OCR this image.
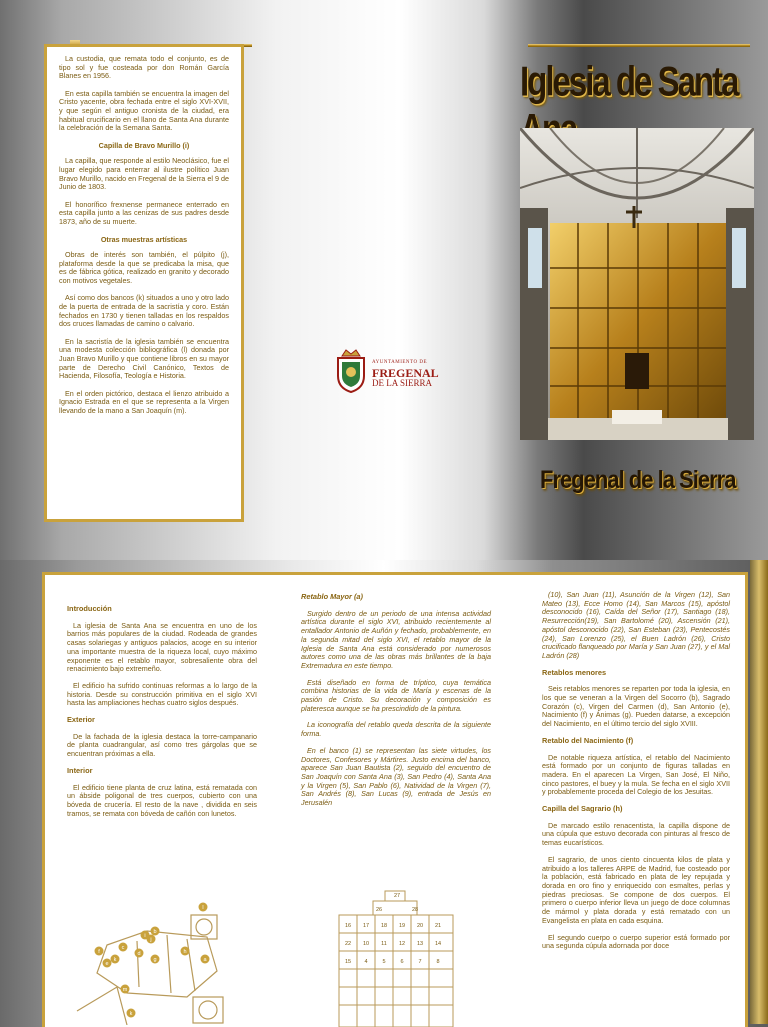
La custodia, que remata todo el conjunto, es de tipo sol y fue costeada por don Román García Blanes en 1956.

En esta capilla también se encuentra la imagen del Cristo yacente, obra fechada entre el siglo XVI-XVII, y que según el antiguo cronista de la ciudad, era habitual crucificario en el llano de Santa Ana durante la celebración de la Semana Santa.

Capilla de Bravo Murillo (i)

La capilla, que responde al estilo Neoclásico, fue el lugar elegido para enterrar al ilustre político Juan Bravo Murillo, nacido en Fregenal de la Sierra el 9 de Junio de 1803.

El honorífico frexnense permanece enterrado en esta capilla junto a las cenizas de sus padres desde 1873, año de su muerte.

Otras muestras artísticas

Obras de interés son también, el púlpito (j), plataforma desde la que se predicaba la misa, que es de fábrica gótica, realizado en granito y decorado con motivos vegetales.

Así como dos bancos (k) situados a uno y otro lado de la puerta de entrada de la sacristía y coro. Están fechados en 1730 y tienen talladas en los respaldos dos cruces llamadas de camino o calvario.

En la sacristía de la iglesia también se encuentra una modesta colección bibliográfica (l) donada por Juan Bravo Murillo y que contiene libros en su mayor parte de Derecho Civil Canónico, Textos de Hacienda, Filosofía, Teología e Historia.

En el orden pictórico, destaca el lienzo atribuido a Ignacio Estrada en el que se representa a la Virgen llevando de la mano a San Joaquín (m).

AYUNTAMIENTO DE
FREGENAL
DE LA SIERRA
Iglesia de Santa
Fregenal de la Sierra
Introducción

La iglesia de Santa Ana se encuentra en uno de los barrios más populares de la ciudad. Rodeada de grandes casas solariegas y antiguos palacios, acoge en su interior una importante muestra de la riqueza local, cuyo máximo exponente es el retablo mayor, sobresaliente obra del renacimiento bajo extremeño.

El edificio ha sufrido continuas reformas a lo largo de la historia. Desde su construcción primitiva en el siglo XVI hasta las ampliaciones hechas cuatro siglos después.

Exterior

De la fachada de la iglesia destaca la torre-campanario de planta cuadrangular, así como tres gárgolas que se encuentran próximas a ella.

Interior

El edificio tiene planta de cruz latina, está rematada con un ábside poligonal de tres cuerpos, cubierto con una bóveda de crucería. El resto de la nave , dividida en seis tramos, se remata con bóveda de cañón con lunetos.

Retablo Mayor (a)

Surgido dentro de un periodo de una intensa actividad artística durante el siglo XVI, atribuido recientemente al entallador Antonio de Auñón y fechado, probablemente, en la segunda mitad del siglo XVI, el retablo mayor de la Iglesia de Santa Ana está considerado por numerosos autores como una de las obras más brillantes de la baja Extremadura en este tiempo.

Está diseñado en forma de tríptico, cuya temática combina historias de la vida de María y escenas de la pasión de Cristo. Su decoración y composición es plateresca aunque se ha prescindido de la pintura.

La iconografía del retablo queda descrita de la siguiente forma.

En el banco (1) se representan las siete virtudes, los Doctores, Confesores y Mártires. Justo encima del banco, aparece San Juan Bautista (2), seguido del encuentro de San Joaquín con Santa Ana (3), San Pedro (4), Santa Ana y la Virgen (5), San Pablo (6), Natividad de la Virgen (7), San Andrés (8), San Lucas (9), entrada de Jesús en Jerusalén

(10), San Juan (11), Asunción de la Virgen (12), San Mateo (13), Ecce Homo (14), San Marcos (15), apóstol desconocido (16), Caída del Señor (17), Santiago (18), Resurrección(19), San Bartolomé (20), Ascensión (21), apóstol desconocido (22), San Esteban (23), Pentecostés (24), San Lorenzo (25), el Buen Ladrón (26), Cristo crucificado flanqueado por María y San Juan (27), y el Mal Ladrón (28)

Retablos menores

Seis retablos menores se reparten por toda la iglesia, en los que se veneran a la Virgen del Socorro (b), Sagrado Corazón (c), Virgen del Carmen (d), San Antonio (e), Nacimiento (f) y Ánimas (g). Pueden datarse, a excepción del Nacimiento, en el último tercio del siglo XVIII.

Retablo del Nacimiento (f)

De notable riqueza artística, el retablo del Nacimiento está formado por un conjunto de figuras talladas en madera. En el aparecen La Virgen, San José, El Niño, cinco pastores, el buey y la mula. Se fecha en el siglo XVII y probablemente proceda del Colegio de los Jesuitas.

Capilla del Sagrario (h)

De marcado estilo renacentista, la capilla dispone de una cúpula que estuvo decorada con pinturas al fresco de temas eucarísticos.

El sagrario, de unos ciento cincuenta kilos de plata y atribuido a los talleres ARPE de Madrid, fue costeado por la población, está fabricado en plata de ley repujada y dorada en oro fino y enriquecido con esmaltes, perlas y piedras preciosas. Se compone de dos cuerpos. El primero o cuerpo inferior lleva un juego de doce columnas de mármol y plata dorada y está rematado con un Evangelista en plata en cada esquina.

El segundo cuerpo o cuerpo superior está formado por una segunda cúpula adornada por doce

l
b
j
i
c
d
f
k
h
e
g	a
m
k
27
26	28
16 17 18 19 20 21
22 10 11 12 13 14
15 4	5	6	7	8
